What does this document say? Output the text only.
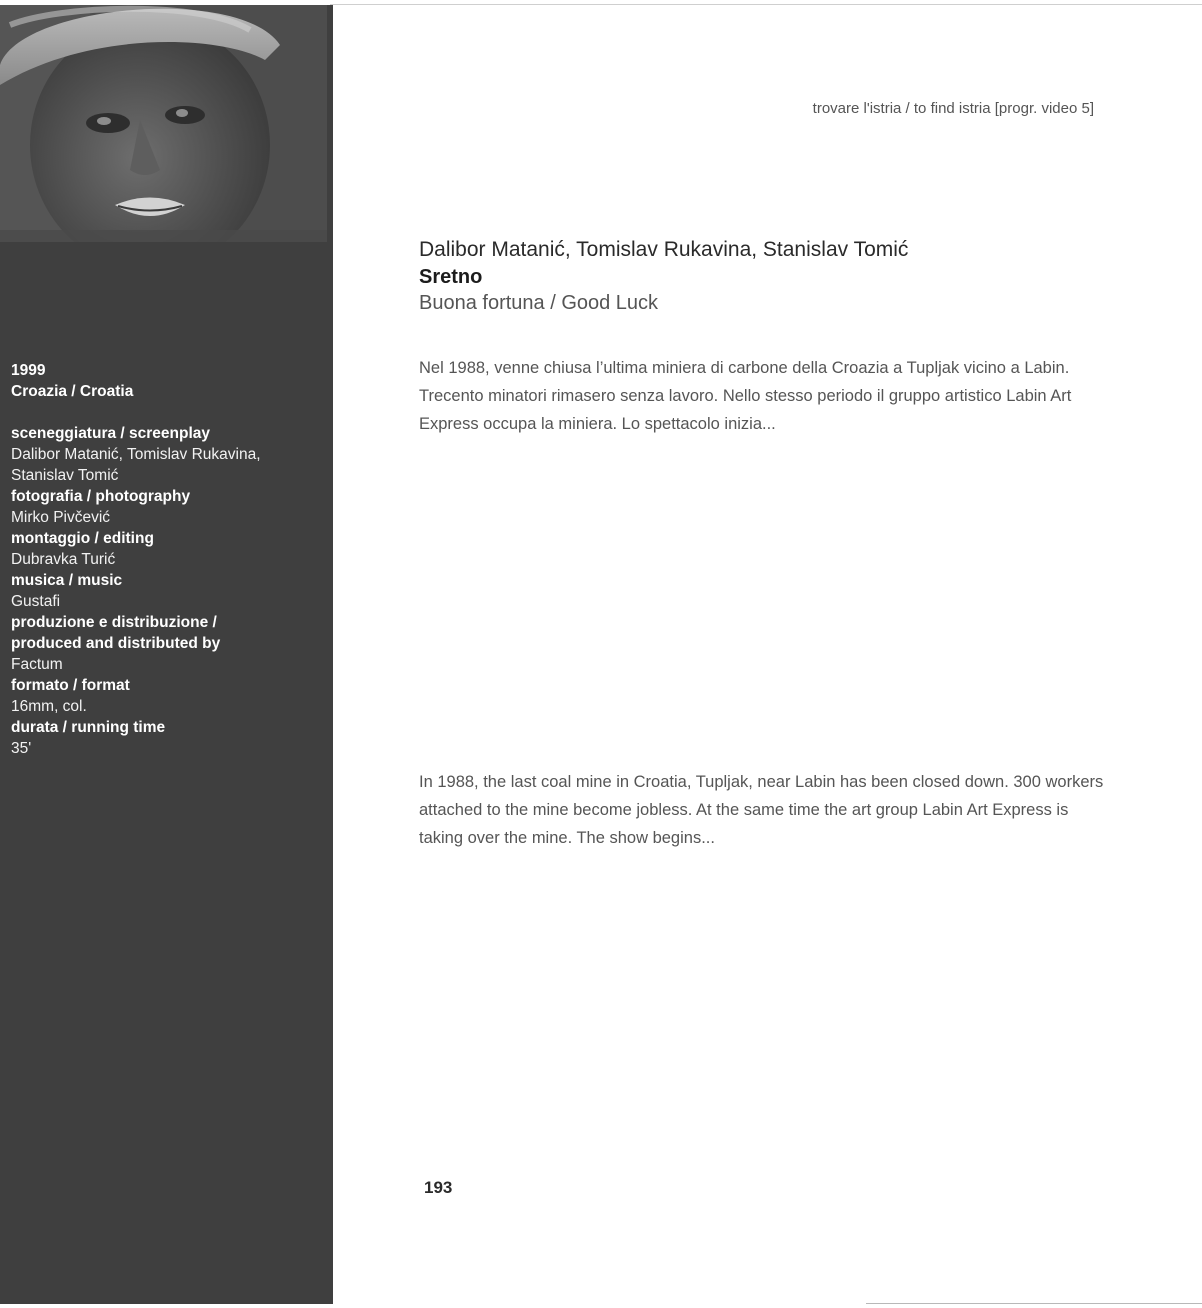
1999
Croazia / Croatia
sceneggiatura / screenplay
Dalibor Matanić, Tomislav Rukavina,
Stanislav Tomić
fotografia / photography
Mirko Pivčević
montaggio / editing
Dubravka Turić
musica / music
Gustafi
produzione e distribuzione /
produced and distributed by
Factum
formato / format
16mm, col.
durata / running time
35'
trovare l'istria / to find istria [progr. video 5]
Dalibor Matanić, Tomislav Rukavina, Stanislav Tomić
Sretno
Buona fortuna / Good Luck

Nel 1988, venne chiusa l’ultima miniera di carbone della Croazia a Tupljak vicino a Labin. Trecento minatori rimasero senza lavoro. Nello stesso periodo il gruppo artistico Labin Art Express occupa la miniera. Lo spettacolo inizia...

In 1988, the last coal mine in Croatia, Tupljak, near Labin has been closed down. 300 workers attached to the mine become jobless. At the same time the art group Labin Art Express is taking over the mine. The show begins...

193
